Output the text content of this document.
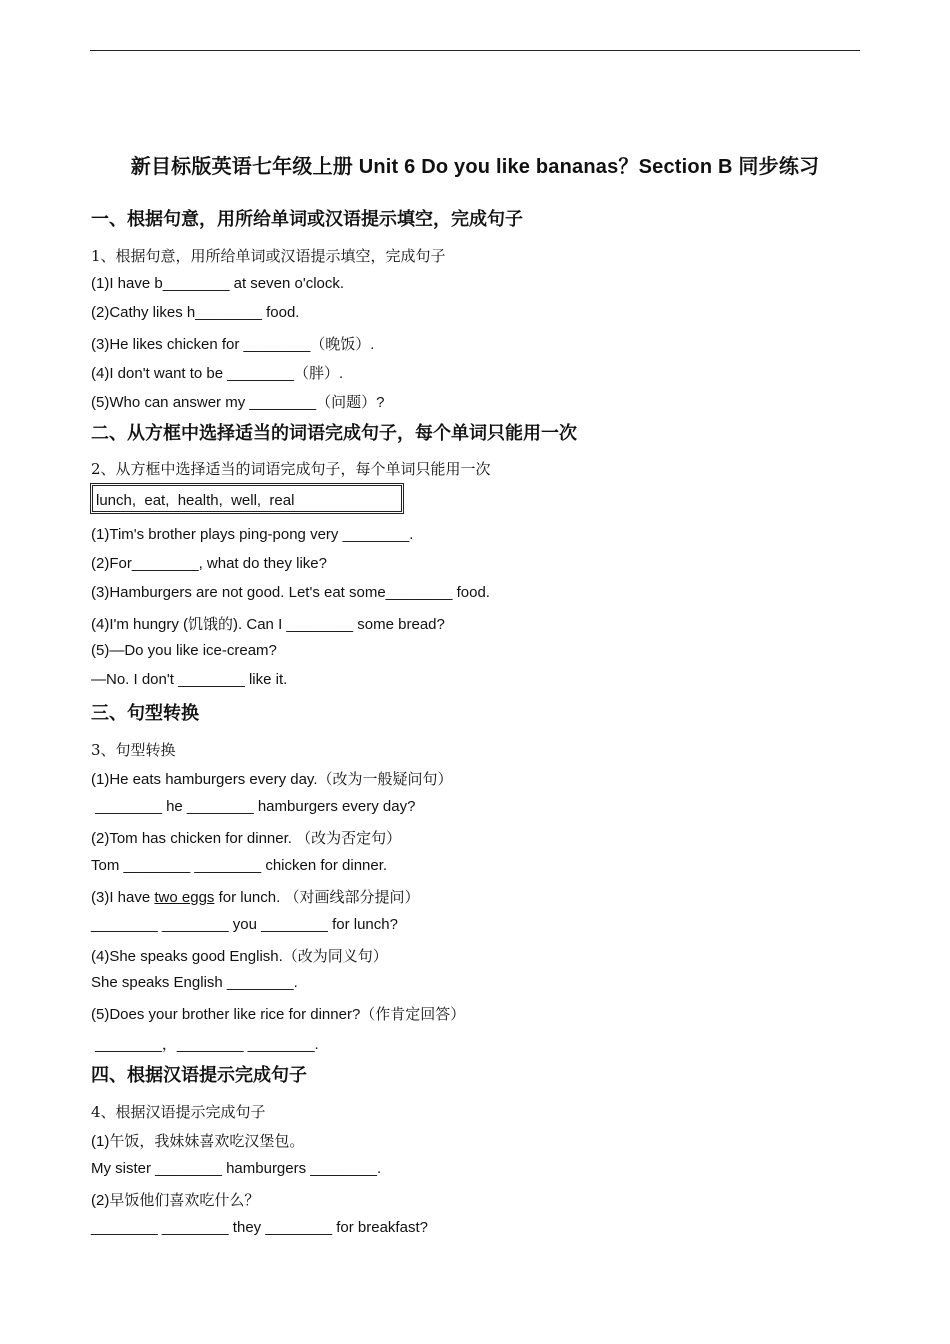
新目标版英语七年级上册 Unit 6 Do you like bananas？Section B 同步练习
一、根据句意，用所给单词或汉语提示填空，完成句子
1、根据句意，用所给单词或汉语提示填空，完成句子
(1)I have b________ at seven o'clock.
(2)Cathy likes h________ food.
(3)He likes chicken for ________（晚饭）.
(4)I don't want to be ________（胖）.
(5)Who can answer my ________（问题）?
二、从方框中选择适当的词语完成句子，每个单词只能用一次
2、从方框中选择适当的词语完成句子，每个单词只能用一次
lunch,  eat,  health,  well,  real
(1)Tim's brother plays ping-pong very ________.
(2)For________, what do they like?
(3)Hamburgers are not good. Let's eat some________ food.
(4)I'm hungry (饥饿的). Can I ________ some bread?
(5)—Do you like ice-cream?
—No. I don't ________ like it.
三、句型转换
3、句型转换
(1)He eats hamburgers every day.（改为一般疑问句）
________ he ________ hamburgers every day?
(2)Tom has chicken for dinner. （改为否定句）
Tom ________ ________ chicken for dinner.
(3)I have two eggs for lunch. （对画线部分提问）
________ ________ you ________ for lunch?
(4)She speaks good English.（改为同义句）
She speaks English ________.
(5)Does your brother like rice for dinner?（作肯定回答）
________，________ ________.
四、根据汉语提示完成句子
4、根据汉语提示完成句子
(1)午饭，我妹妹喜欢吃汉堡包。
My sister ________ hamburgers ________.
(2)早饭他们喜欢吃什么？
________ ________ they ________ for breakfast?
